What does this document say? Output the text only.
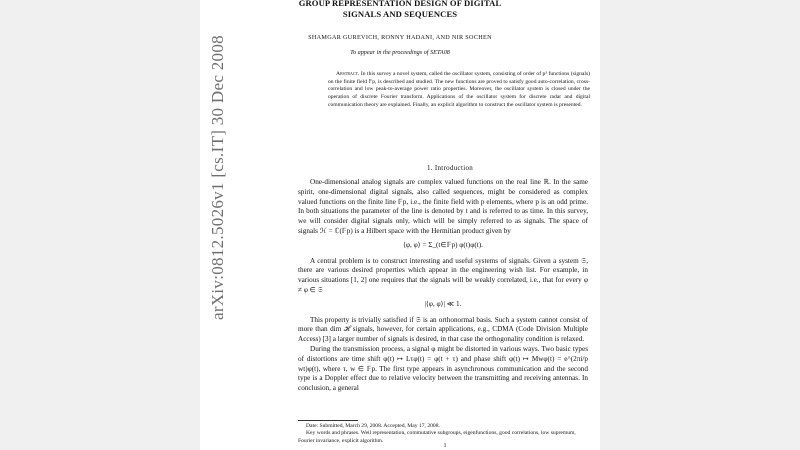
arXiv:0812.5026v1 [cs.IT] 30 Dec 2008
GROUP REPRESENTATION DESIGN OF DIGITAL SIGNALS AND SEQUENCES
SHAMGAR GUREVICH, RONNY HADANI, AND NIR SOCHEN
To appear in the proceedings of SETA08
Abstract. In this survey a novel system, called the oscillator system, consisting of order of p³ functions (signals) on the finite field 𝔽p, is described and studied. The new functions are proved to satisfy good auto-correlation, cross-correlation and low peak-to-average power ratio properties. Moreover, the oscillator system is closed under the operation of discrete Fourier transform. Applications of the oscillator system for discrete radar and digital communication theory are explained. Finally, an explicit algorithm to construct the oscillator system is presented.
1. Introduction

One-dimensional analog signals are complex valued functions on the real line ℝ. In the same spirit, one-dimensional digital signals, also called sequences, might be considered as complex valued functions on the finite line 𝔽p, i.e., the finite field with p elements, where p is an odd prime. In both situations the parameter of the line is denoted by t and is referred to as time. In this survey, we will consider digital signals only, which will be simply referred to as signals. The space of signals ℋ = ℂ(𝔽p) is a Hilbert space with the Hermitian product given by

⟨φ, φ⟩ = Σ_(t∈𝔽p) φ(t)φ(t).

A central problem is to construct interesting and useful systems of signals. Given a system 𝔖, there are various desired properties which appear in the engineering wish list. For example, in various situations [1, 2] one requires that the signals will be weakly correlated, i.e., that for every φ ≠ φ ∈ 𝔖

|⟨φ, φ⟩| ≪ 1.

This property is trivially satisfied if 𝔖 is an orthonormal basis. Such a system cannot consist of more than dim ℋ signals, however, for certain applications, e.g., CDMA (Code Division Multiple Access) [3] a larger number of signals is desired, in that case the orthogonality condition is relaxed.

During the transmission process, a signal φ might be distorted in various ways. Two basic types of distortions are time shift φ(t) ↦ Lτφ(t) = φ(t + τ) and phase shift φ(t) ↦ Mwφ(t) = e^(2πi/p wt)φ(t), where τ, w ∈ 𝔽p. The first type appears in asynchronous communication and the second type is a Doppler effect due to relative velocity between the transmitting and receiving antennas. In conclusion, a general

Date: Submitted, March 29, 2008. Accepted, May 17, 2008.

Key words and phrases. Weil representation, commutative subgroups, eigenfunctions, good correlations, low supremum, Fourier invariance, explicit algorithm.

1
